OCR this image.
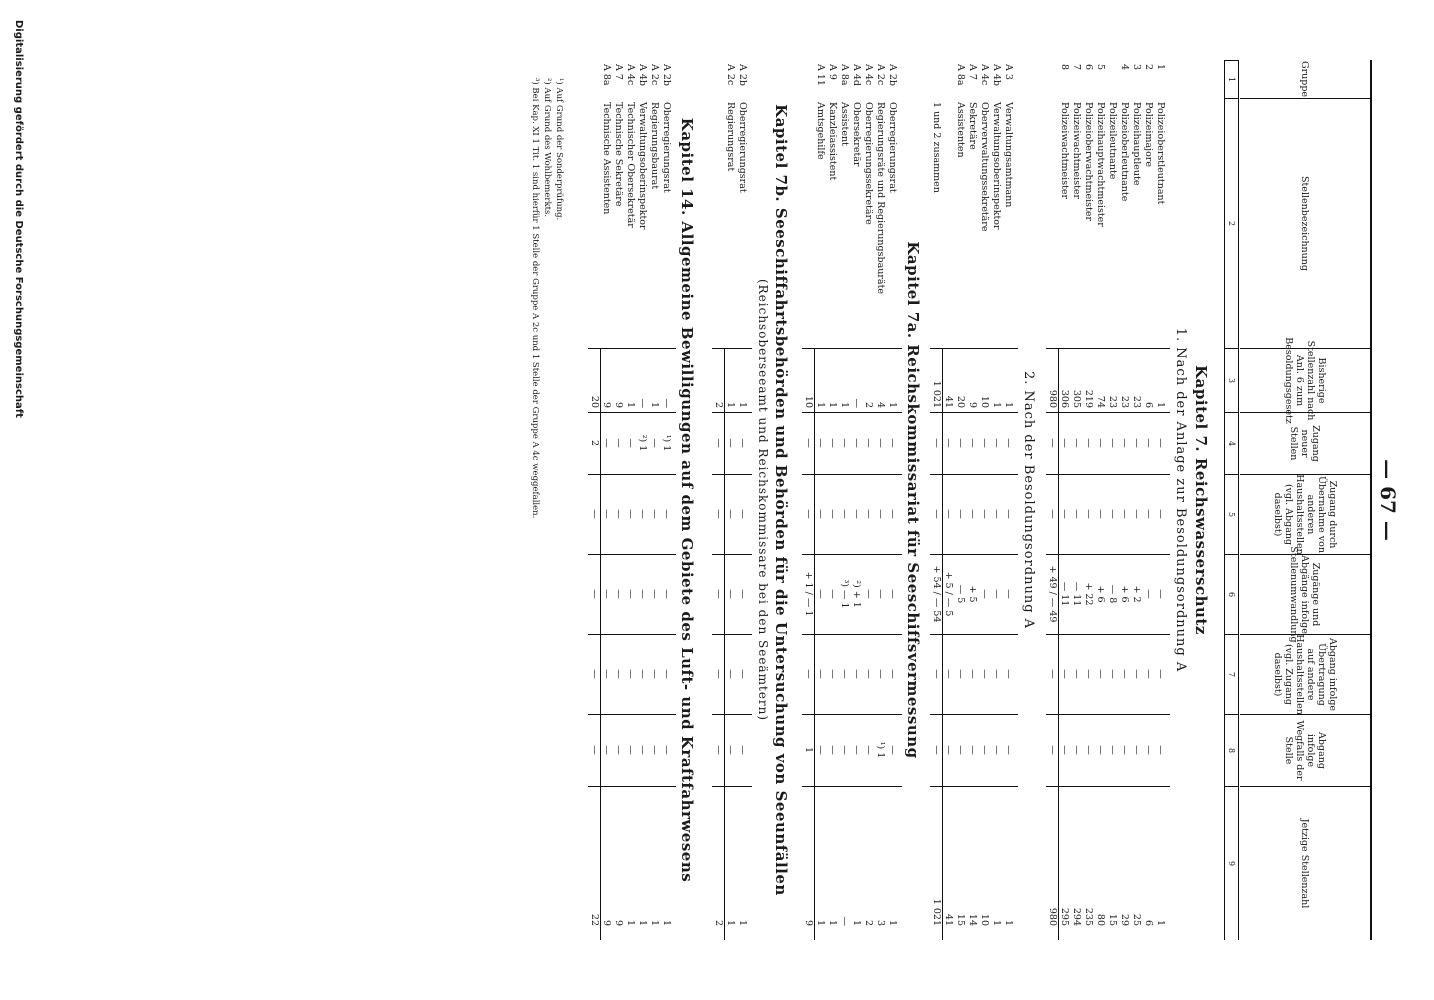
— 67 —
Gruppe
Stellenbezeichnung
Bisherige Stellenzahl nach Anl. 6 zum Besoldungsgesetz
Zugang neuer Stellen
Zugang durch Übernahme von anderen Haushaltsstellen (vgl. Abgang daselbst)
Zugänge und Abgänge infolge Stellenumwandlung
Abgang infolge Übertragung auf andere Haushaltsstellen (vgl. Zugang daselbst)
Abgang infolge Wegfalls der Stelle
Jetzige Stellenzahl
1
2
3
4
5
6
7
8
9
Kapitel 7. Reichswasserschutz
1. Nach der Anlage zur Besoldungsordnung A
1
Polizeioberstleutnant
1
—
—
—
—
—
1
2
Polizeimajore
6
—
—
—
—
—
6
3
Polizeihauptleute
23
—
—
+ 2
—
—
25
4
Polizeioberleutnante
23
—
—
+ 6
—
—
29
Polizeileutnante
23
—
—
— 8
—
—
15
5
Polizeihauptwachtmeister
74
—
—
+ 6
—
—
80
6
Polizeioberwachtmeister
219
—
—
+ 22
—
—
235
7
Polizeiwachtmeister
305
—
—
— 11
—
—
294
8
Polizeiwachtmeister
306
—
—
— 11
—
—
295
980
—
—
+ 49 / — 49
—
—
980
2. Nach der Besoldungsordnung A
A 3
Verwaltungsamtmann
1
—
—
—
—
—
1
A 4b
Verwaltungsoberinspektor
1
—
—
—
—
—
1
A 4c
Oberverwaltungssekretäre
10
—
—
—
—
—
10
A 7
Sekretäre
9
—
—
+ 5
—
—
14
A 8a
Assistenten
20
—
—
— 5
—
—
15
41
—
—
+ 5 / — 5
—
—
41
1 und 2 zusammen
1 021
—
—
+ 54 / — 54
—
—
1 021
Kapitel 7a. Reichskommissariat für Seeschiffsvermessung
A 2b
Oberregierungsrat
1
—
—
—
—
—
1
A 2c
Regierungsräte und Regierungsbauräte
4
—
—
—
—
¹) 1
3
A 4c
Oberregierungssekretäre
2
—
—
—
—
—
2
A 4d
Obersekretär
—
—
—
²) + 1
—
—
1
A 8a
Assistent
1
—
—
³) — 1
—
—
—
A 9
Kanzleiassistent
1
—
—
—
—
—
1
A 11
Amtsgehilfe
1
—
—
—
—
—
1
10
—
—
+ 1 / — 1
—
1
9
Kapitel 7b. Seeschiffahrtsbehörden und Behörden für die Untersuchung von Seeunfällen
(Reichsoberseeamt und Reichskommissare bei den Seeämtern)
A 2b
Oberregierungsrat
1
—
—
—
—
—
1
A 2c
Regierungsrat
1
—
—
—
—
—
1
2
—
—
—
—
—
2
Kapitel 14. Allgemeine Bewilligungen auf dem Gebiete des Luft- und Kraftfahrwesens
A 2b
Oberregierungsrat
—
¹) 1
—
—
—
—
1
A 2c
Regierungsbaurat
1
—
—
—
—
—
1
A 4b
Verwaltungsoberinspektor
—
²) 1
—
—
—
—
1
A 4c
Technischer Obersekretär
1
—
—
—
—
—
1
A 7
Technische Sekretäre
9
—
—
—
—
—
9
A 8a
Technische Assistenten
9
—
—
—
—
—
9
20
2
—
—
—
—
22
¹) Auf Grund der Sonderprüfung.
²) Auf Grund des Wohlbemerkts.
³) Bei Kap. XI 1 Tit. 1 sind hierfür 1 Stelle der Gruppe A 2c und 1 Stelle der Gruppe A 4c weggefallen.
Digitalisierung gefördert durch die Deutsche Forschungsgemeinschaft
